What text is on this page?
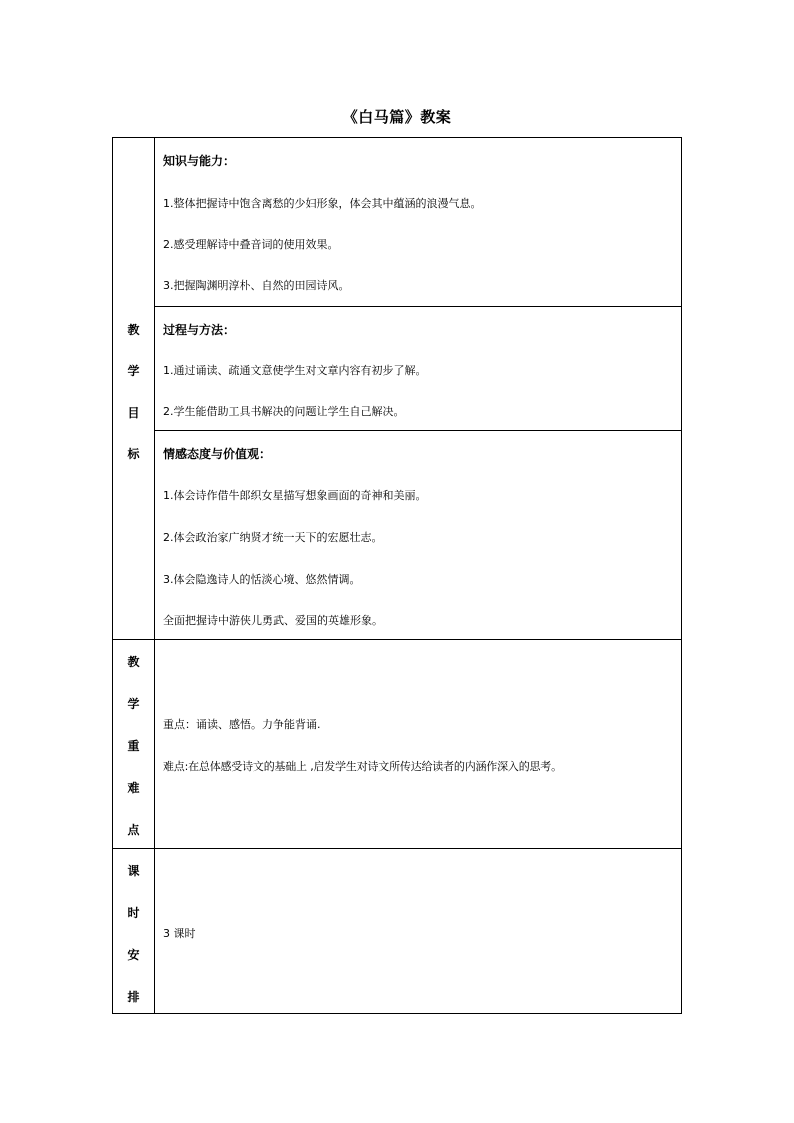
《白马篇》教案
教
学
目
标
知识与能力：
1.整体把握诗中饱含离愁的少妇形象，体会其中蕴涵的浪漫气息。
2.感受理解诗中叠音词的使用效果。
3.把握陶渊明淳朴、自然的田园诗风。
过程与方法：
1.通过诵读、疏通文意使学生对文章内容有初步了解。
2.学生能借助工具书解决的问题让学生自己解决。
情感态度与价值观：
1.体会诗作借牛郎织女星描写想象画面的奇神和美丽。
2.体会政治家广纳贤才统一天下的宏愿壮志。
3.体会隐逸诗人的恬淡心境、悠然情调。
全面把握诗中游侠儿勇武、爱国的英雄形象。
教
学
重
难
点
重点：诵读、感悟。力争能背诵.
难点:在总体感受诗文的基础上 ,启发学生对诗文所传达给读者的内涵作深入的思考。
课
时
安
排
3 课时
